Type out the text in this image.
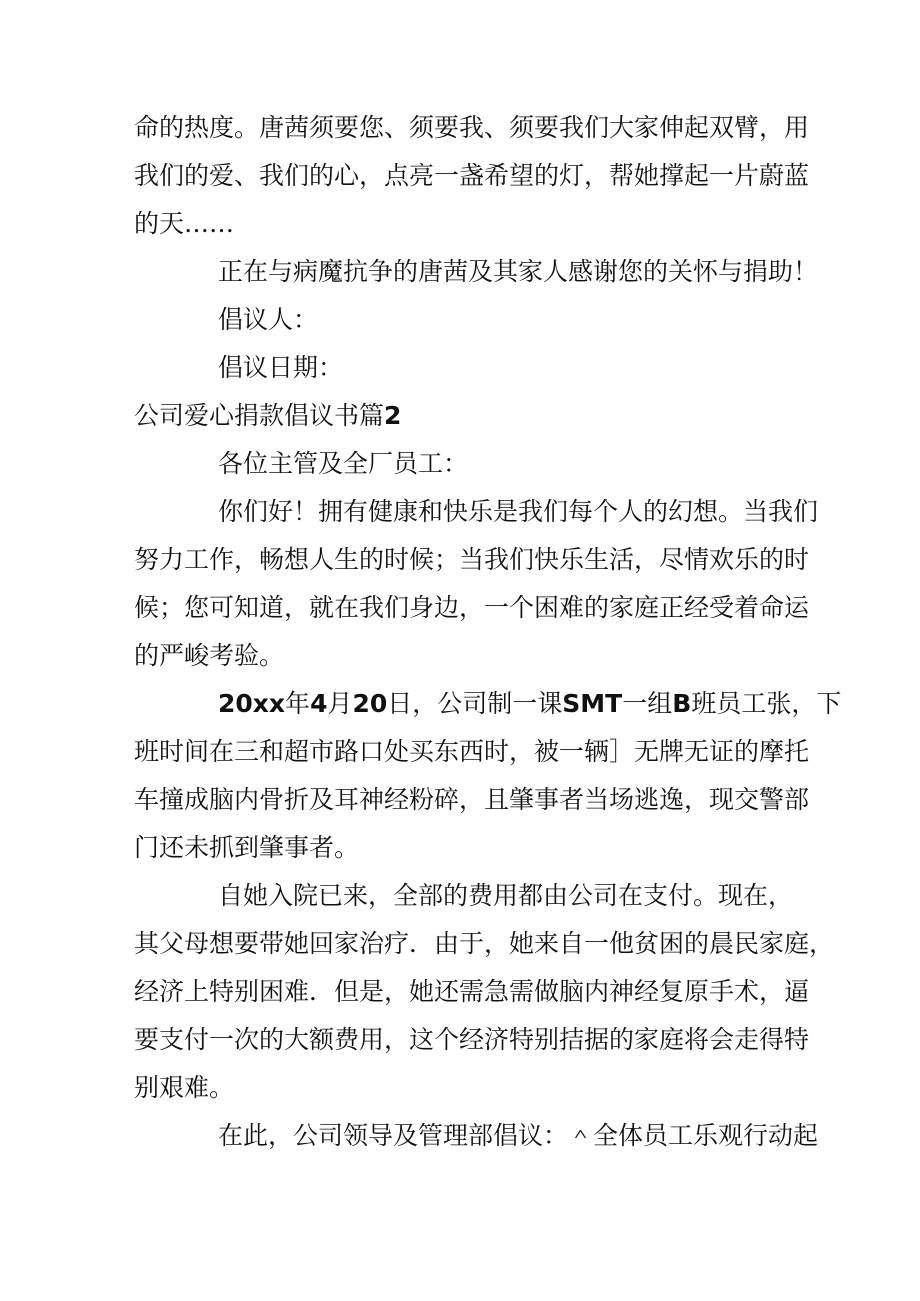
命的热度。唐茜须要您、须要我、须要我们大家伸起双臂，用
我们的爱、我们的心，点亮一盏希望的灯，帮她撑起一片蔚蓝
的天……
正在与病魔抗争的唐茜及其家人感谢您的关怀与捐助！
倡议人：
倡议日期：
公司爱心捐款倡议书篇2
各位主管及全厂员工：
你们好！拥有健康和快乐是我们每个人的幻想。当我们
努力工作，畅想人生的时候；当我们快乐生活，尽情欢乐的时
候；您可知道，就在我们身边，一个困难的家庭正经受着命运
的严峻考验。
20xx年4月20日，公司制一课SMT一组B班员工张，下
班时间在三和超市路口处买东西时，被一辆］无牌无证的摩托
车撞成脑内骨折及耳神经粉碎，且肇事者当场逃逸，现交警部
门还未抓到肇事者。
自她入院已来，全部的费用都由公司在支付。现在，
其父母想要带她回家治疗．由于，她来自一他贫困的晨民家庭，
经济上特别困难．但是，她还需急需做脑内神经复原手术，逼
要支付一次的大额费用，这个经济特别拮据的家庭将会走得特
别艰难。
在此，公司领导及管理部倡议：＾全体员工乐观行动起
